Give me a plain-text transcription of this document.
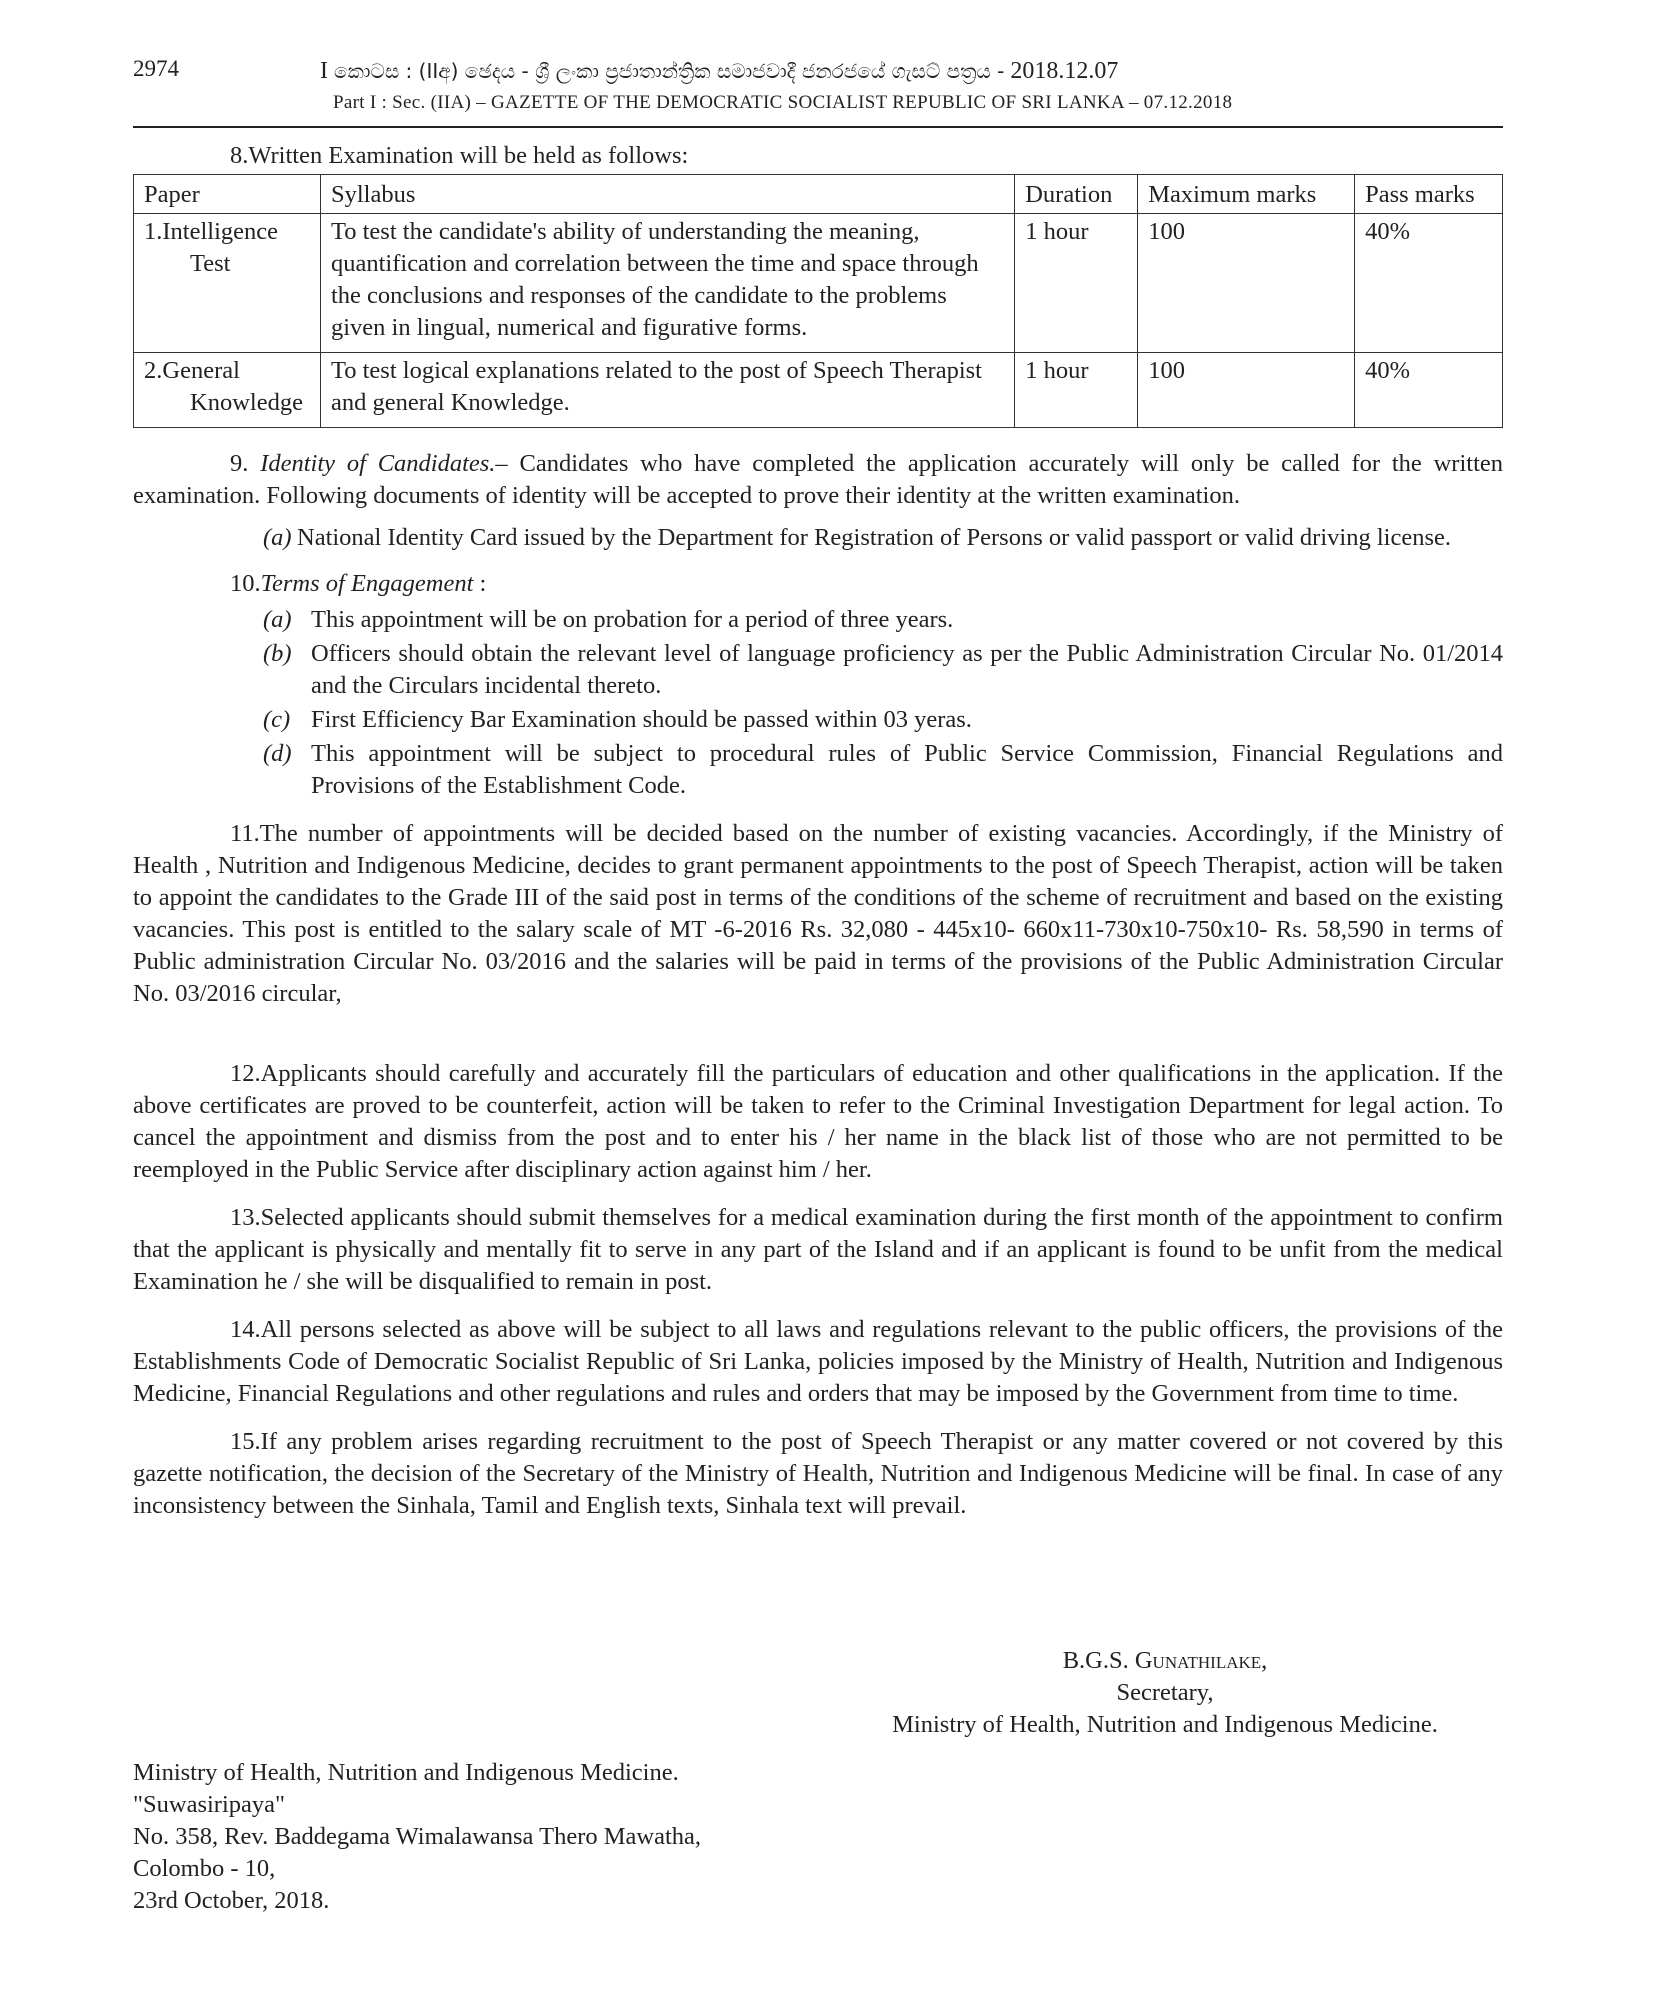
2974	I කොටස : (IIඅ) ඡෙදය - ශ්‍රී ලංකා ප්‍රජාතාන්ත්‍රික සමාජවාදී ජනරජයේ ගැසට් පත්‍රය - 2018.12.07
Part I : Sec. (IIA) – GAZETTE OF THE DEMOCRATIC SOCIALIST REPUBLIC OF SRI LANKA – 07.12.2018

8.Written Examination will be held as follows:

Paper	Syllabus	Duration	Maximum marks	Pass marks

1.Intelligence
Test	To test the candidate's ability of understanding the meaning, quantification and correlation between the time and space through the conclusions and responses of the candidate to the problems given in lingual, numerical and figurative forms.	1 hour	100	40%

2.General
Knowledge	To test logical explanations related to the post of Speech Therapist and general Knowledge.	1 hour	100	40%

9. Identity of Candidates.– Candidates who have completed the application accurately will only be called for the written examination. Following documents of identity will be accepted to prove their identity at the written examination.

(a) National Identity Card issued by the Department for Registration of Persons or valid passport or valid driving license.

10.Terms of Engagement :

(a) This appointment will be on probation for a period of three years.
(b) Officers should obtain the relevant level of language proficiency as per the Public Administration Circular No. 01/2014 and the Circulars incidental thereto.
(c) First Efficiency Bar Examination should be passed within 03 yeras.
(d) This appointment will be subject to procedural rules of Public Service Commission, Financial Regulations and Provisions of the Establishment Code.

11.The number of appointments will be decided based on the number of existing vacancies. Accordingly, if the Ministry of Health , Nutrition and Indigenous Medicine, decides to grant permanent appointments to the post of Speech Therapist, action will be taken to appoint the candidates to the Grade III of the said post in terms of the conditions of the scheme of recruitment and based on the existing vacancies. This post is entitled to the salary scale of MT -6-2016 Rs. 32,080 - 445x10- 660x11-730x10-750x10- Rs. 58,590 in terms of Public administration Circular No. 03/2016 and the salaries will be paid in terms of the provisions of the Public Administration Circular No. 03/2016 circular,

12.Applicants should carefully and accurately fill the particulars of education and other qualifications in the application. If the above certificates are proved to be counterfeit, action will be taken to refer to the Criminal Investigation Department for legal action. To cancel the appointment and dismiss from the post and to enter his / her name in the black list of those who are not permitted to be reemployed in the Public Service after disciplinary action against him / her.

13.Selected applicants should submit themselves for a medical examination during the first month of the appointment to confirm that the applicant is physically and mentally fit to serve in any part of the Island and if an applicant is found to be unfit from the medical Examination he / she will be disqualified to remain in post.

14.All persons selected as above will be subject to all laws and regulations relevant to the public officers, the provisions of the Establishments Code of Democratic Socialist Republic of Sri Lanka, policies imposed by the Ministry of Health, Nutrition and Indigenous Medicine, Financial Regulations and other regulations and rules and orders that may be imposed by the Government from time to time.

15.If any problem arises regarding recruitment to the post of Speech Therapist or any matter covered or not covered by this gazette notification, the decision of the Secretary of the Ministry of Health, Nutrition and Indigenous Medicine will be final. In case of any inconsistency between the Sinhala, Tamil and English texts, Sinhala text will prevail.

B.G.S. Gunathilake,
Secretary,
Ministry of Health, Nutrition and Indigenous Medicine.
Ministry of Health, Nutrition and Indigenous Medicine.
"Suwasiripaya"
No. 358, Rev. Baddegama Wimalawansa Thero Mawatha,
Colombo - 10,
23rd October, 2018.
